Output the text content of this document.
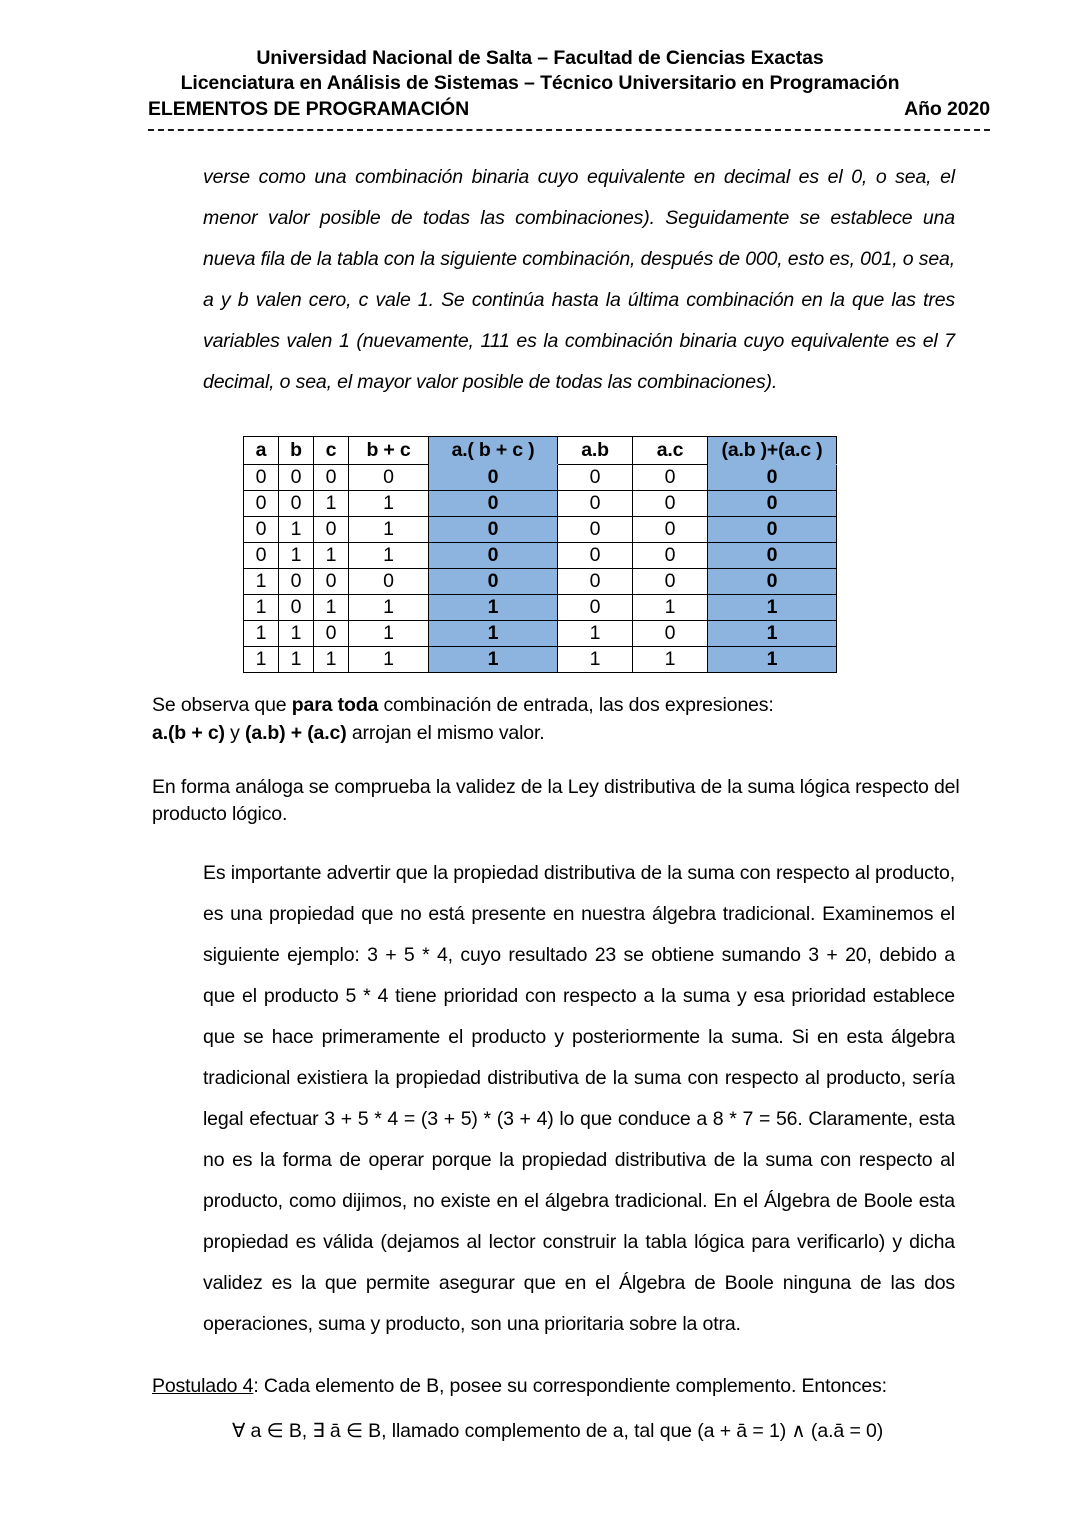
Universidad Nacional de Salta – Facultad de Ciencias Exactas
Licenciatura en Análisis de Sistemas – Técnico Universitario en Programación
ELEMENTOS DE PROGRAMACIÓN	Año 2020
verse como una combinación binaria cuyo equivalente en decimal es el 0, o sea, el menor valor posible de todas las combinaciones). Seguidamente se establece una nueva fila de la tabla con la siguiente combinación, después de 000, esto es, 001, o sea, a y b valen cero, c vale 1. Se continúa hasta la última combinación en la que las tres variables valen 1 (nuevamente, 111 es la combinación binaria cuyo equivalente es el 7 decimal, o sea, el mayor valor posible de todas las combinaciones).
a	b	c	b + c	a.( b + c )	a.b	a.c	(a.b )+(a.c )
0	0	0	0	0	0	0	0
0	0	1	1	0	0	0	0
0	1	0	1	0	0	0	0
0	1	1	1	0	0	0	0
1	0	0	0	0	0	0	0
1	0	1	1	1	0	1	1
1	1	0	1	1	1	0	1
1	1	1	1	1	1	1	1
Se observa que para toda combinación de entrada, las dos expresiones:
a.(b + c) y (a.b) + (a.c) arrojan el mismo valor.
En forma análoga se comprueba la validez de la Ley distributiva de la suma lógica respecto del producto lógico.
Es importante advertir que la propiedad distributiva de la suma con respecto al producto, es una propiedad que no está presente en nuestra álgebra tradicional. Examinemos el siguiente ejemplo: 3 + 5 * 4, cuyo resultado 23 se obtiene sumando 3 + 20, debido a que el producto 5 * 4 tiene prioridad con respecto a la suma y esa prioridad establece que se hace primeramente el producto y posteriormente la suma. Si en esta álgebra tradicional existiera la propiedad distributiva de la suma con respecto al producto, sería legal efectuar 3 + 5 * 4 = (3 + 5) * (3 + 4) lo que conduce a 8 * 7 = 56. Claramente, esta no es la forma de operar porque la propiedad distributiva de la suma con respecto al producto, como dijimos, no existe en el álgebra tradicional. En el Álgebra de Boole esta propiedad es válida (dejamos al lector construir la tabla lógica para verificarlo) y dicha validez es la que permite asegurar que en el Álgebra de Boole ninguna de las dos operaciones, suma y producto, son una prioritaria sobre la otra.
Postulado 4: Cada elemento de B, posee su correspondiente complemento. Entonces:
∀ a ∈ B, ∃ ā ∈ B, llamado complemento de a, tal que (a + ā = 1) ∧ (a.ā = 0)
